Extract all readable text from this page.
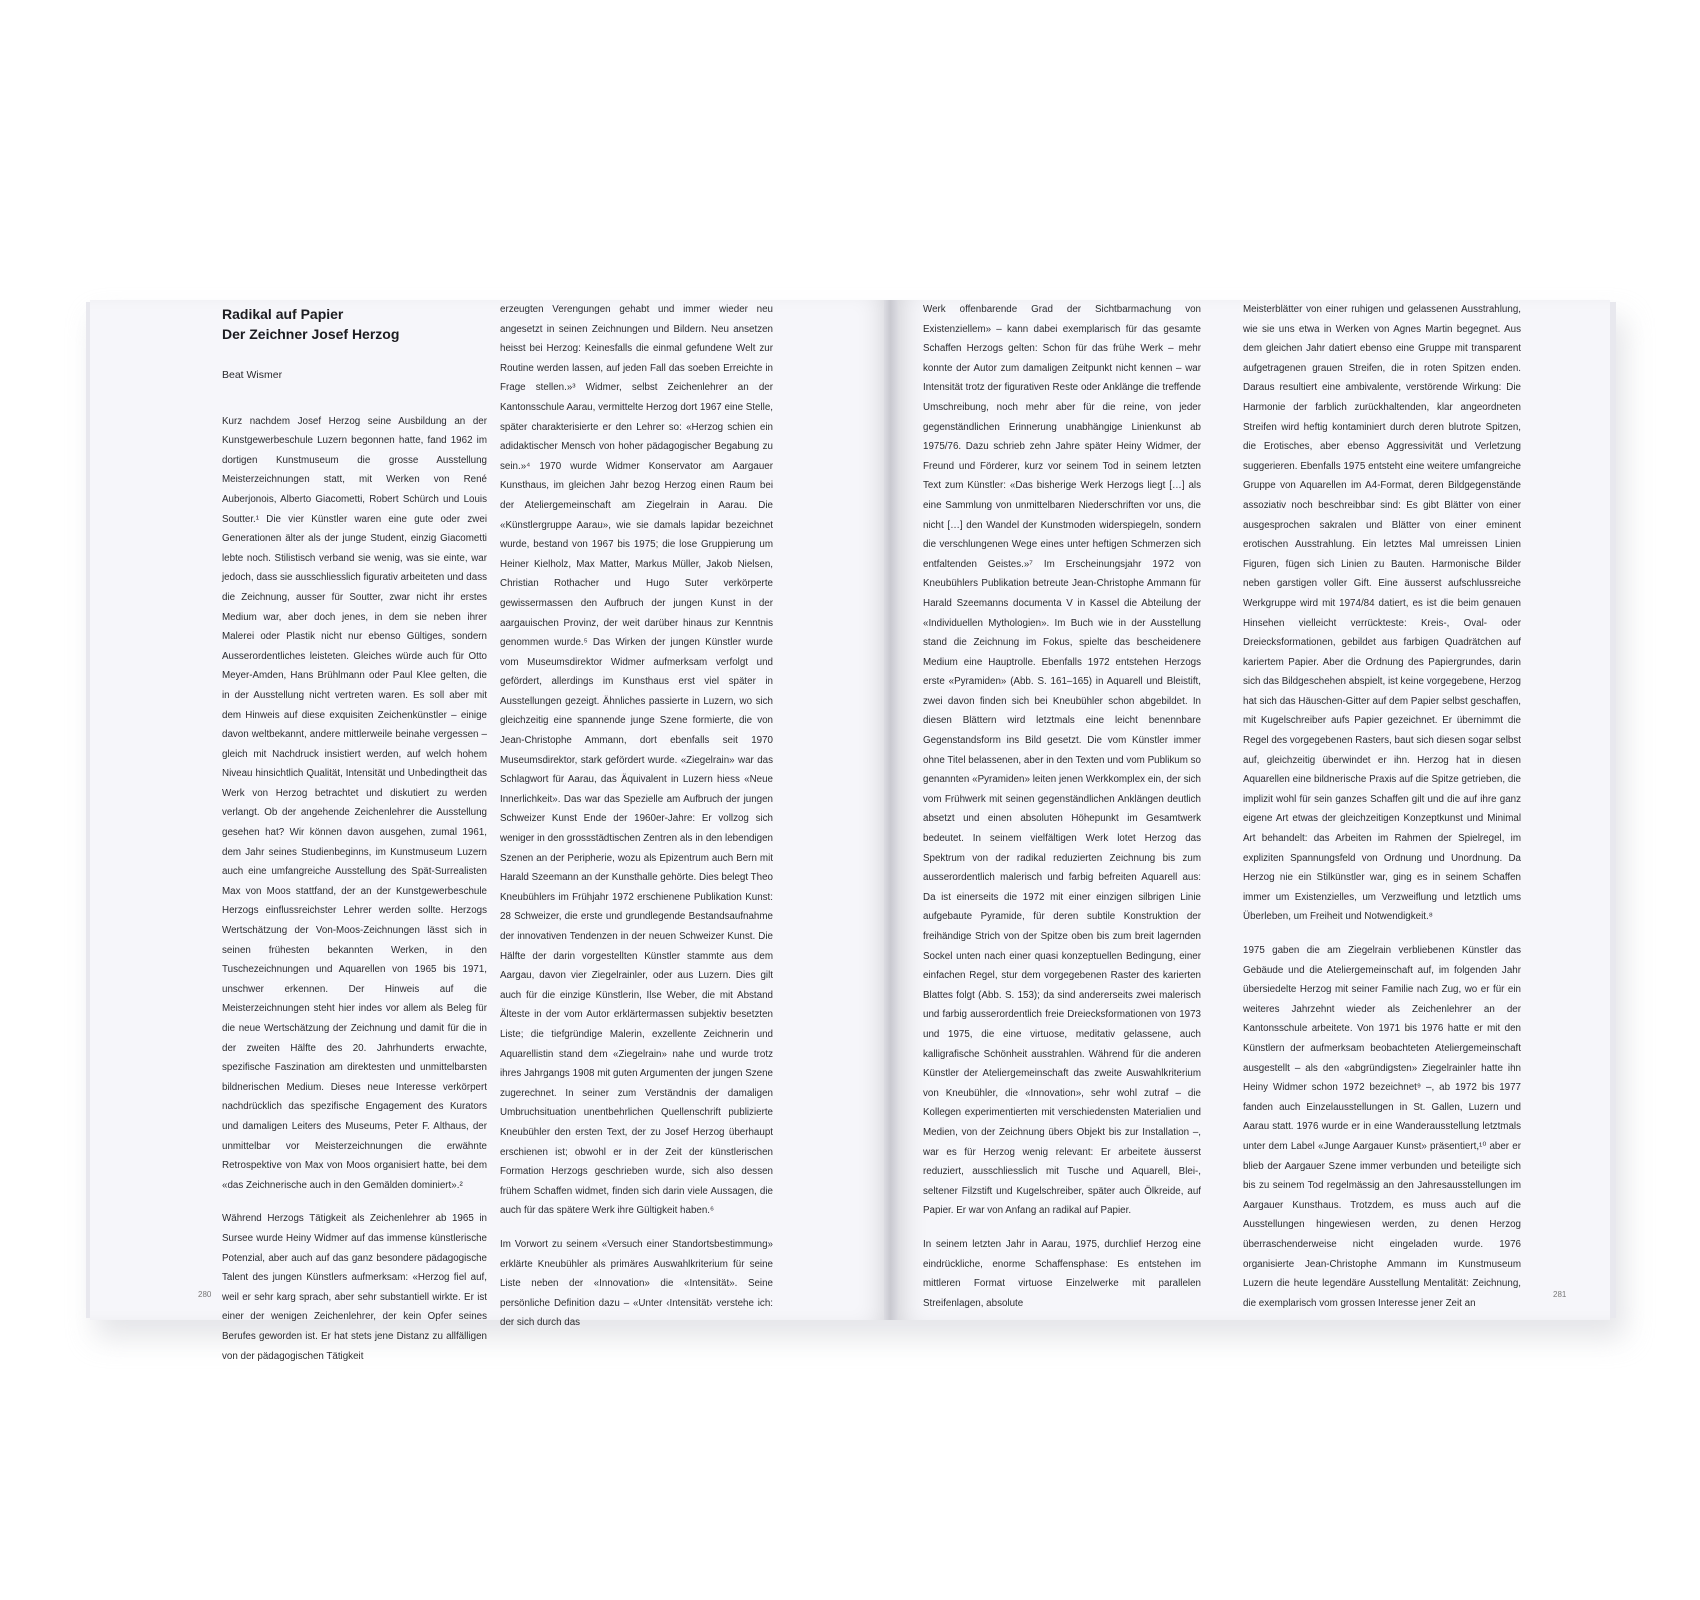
Radikal auf Papier
Der Zeichner Josef Herzog
Beat Wismer

Kurz nachdem Josef Herzog seine Ausbildung an der Kunstgewerbeschule Luzern begonnen hatte, fand 1962 im dortigen Kunstmuseum die grosse Ausstellung Meisterzeichnungen statt, mit Werken von René Auberjonois, Alberto Giacometti, Robert Schürch und Louis Soutter.¹ Die vier Künstler waren eine gute oder zwei Generationen älter als der junge Student, einzig Giacometti lebte noch. Stilistisch verband sie wenig, was sie einte, war jedoch, dass sie ausschliesslich figurativ arbeiteten und dass die Zeichnung, ausser für Soutter, zwar nicht ihr erstes Medium war, aber doch jenes, in dem sie neben ihrer Malerei oder Plastik nicht nur ebenso Gültiges, sondern Ausserordentliches leisteten. Gleiches würde auch für Otto Meyer-Amden, Hans Brühlmann oder Paul Klee gelten, die in der Ausstellung nicht vertreten waren. Es soll aber mit dem Hinweis auf diese exquisiten Zeichenkünstler – einige davon weltbekannt, andere mittlerweile beinahe vergessen – gleich mit Nachdruck insistiert werden, auf welch hohem Niveau hinsichtlich Qualität, Intensität und Unbedingtheit das Werk von Herzog betrachtet und diskutiert zu werden verlangt. Ob der angehende Zeichenlehrer die Ausstellung gesehen hat? Wir können davon ausgehen, zumal 1961, dem Jahr seines Studienbeginns, im Kunstmuseum Luzern auch eine umfangreiche Ausstellung des Spät-Surrealisten Max von Moos stattfand, der an der Kunstgewerbeschule Herzogs einflussreichster Lehrer werden sollte. Herzogs Wertschätzung der Von-Moos-Zeichnungen lässt sich in seinen frühesten bekannten Werken, in den Tuschezeichnungen und Aquarellen von 1965 bis 1971, unschwer erkennen. Der Hinweis auf die Meisterzeichnungen steht hier indes vor allem als Beleg für die neue Wertschätzung der Zeichnung und damit für die in der zweiten Hälfte des 20. Jahrhunderts erwachte, spezifische Faszination am direktesten und unmittelbarsten bildnerischen Medium. Dieses neue Interesse verkörpert nachdrücklich das spezifische Engagement des Kurators und damaligen Leiters des Museums, Peter F. Althaus, der unmittelbar vor Meisterzeichnungen die erwähnte Retrospektive von Max von Moos organisiert hatte, bei dem «das Zeichnerische auch in den Gemälden dominiert».²

Während Herzogs Tätigkeit als Zeichenlehrer ab 1965 in Sursee wurde Heiny Widmer auf das immense künstlerische Potenzial, aber auch auf das ganz besondere pädagogische Talent des jungen Künstlers aufmerksam: «Herzog fiel auf, weil er sehr karg sprach, aber sehr substantiell wirkte. Er ist einer der wenigen Zeichenlehrer, der kein Opfer seines Berufes geworden ist. Er hat stets jene Distanz zu allfälligen von der pädagogischen Tätigkeit

erzeugten Verengungen gehabt und immer wieder neu angesetzt in seinen Zeichnungen und Bildern. Neu ansetzen heisst bei Herzog: Keinesfalls die einmal gefundene Welt zur Routine werden lassen, auf jeden Fall das soeben Erreichte in Frage stellen.»³ Widmer, selbst Zeichenlehrer an der Kantonsschule Aarau, vermittelte Herzog dort 1967 eine Stelle, später charakterisierte er den Lehrer so: «Herzog schien ein adidaktischer Mensch von hoher pädagogischer Begabung zu sein.»⁴ 1970 wurde Widmer Konservator am Aargauer Kunsthaus, im gleichen Jahr bezog Herzog einen Raum bei der Ateliergemeinschaft am Ziegelrain in Aarau. Die «Künstlergruppe Aarau», wie sie damals lapidar bezeichnet wurde, bestand von 1967 bis 1975; die lose Gruppierung um Heiner Kielholz, Max Matter, Markus Müller, Jakob Nielsen, Christian Rothacher und Hugo Suter verkörperte gewissermassen den Aufbruch der jungen Kunst in der aargauischen Provinz, der weit darüber hinaus zur Kenntnis genommen wurde.⁵ Das Wirken der jungen Künstler wurde vom Museumsdirektor Widmer aufmerksam verfolgt und gefördert, allerdings im Kunsthaus erst viel später in Ausstellungen gezeigt. Ähnliches passierte in Luzern, wo sich gleichzeitig eine spannende junge Szene formierte, die von Jean-Christophe Ammann, dort ebenfalls seit 1970 Museumsdirektor, stark gefördert wurde. «Ziegelrain» war das Schlagwort für Aarau, das Äquivalent in Luzern hiess «Neue Innerlichkeit». Das war das Spezielle am Aufbruch der jungen Schweizer Kunst Ende der 1960er-Jahre: Er vollzog sich weniger in den grossstädtischen Zentren als in den lebendigen Szenen an der Peripherie, wozu als Epizentrum auch Bern mit Harald Szeemann an der Kunsthalle gehörte. Dies belegt Theo Kneubühlers im Frühjahr 1972 erschienene Publikation Kunst: 28 Schweizer, die erste und grundlegende Bestandsaufnahme der innovativen Tendenzen in der neuen Schweizer Kunst. Die Hälfte der darin vorgestellten Künstler stammte aus dem Aargau, davon vier Ziegelrainler, oder aus Luzern. Dies gilt auch für die einzige Künstlerin, Ilse Weber, die mit Abstand Älteste in der vom Autor erklärtermassen subjektiv besetzten Liste; die tiefgründige Malerin, exzellente Zeichnerin und Aquarellistin stand dem «Ziegelrain» nahe und wurde trotz ihres Jahrgangs 1908 mit guten Argumenten der jungen Szene zugerechnet. In seiner zum Verständnis der damaligen Umbruchsituation unentbehrlichen Quellenschrift publizierte Kneubühler den ersten Text, der zu Josef Herzog überhaupt erschienen ist; obwohl er in der Zeit der künstlerischen Formation Herzogs geschrieben wurde, sich also dessen frühem Schaffen widmet, finden sich darin viele Aussagen, die auch für das spätere Werk ihre Gültigkeit haben.⁶

Im Vorwort zu seinem «Versuch einer Standortsbestimmung» erklärte Kneubühler als primäres Auswahlkriterium für seine Liste neben der «Innovation» die «Intensität». Seine persönliche Definition dazu – «Unter ‹Intensität› verstehe ich: der sich durch das

280

Werk offenbarende Grad der Sichtbarmachung von Existenziellem» – kann dabei exemplarisch für das gesamte Schaffen Herzogs gelten: Schon für das frühe Werk – mehr konnte der Autor zum damaligen Zeitpunkt nicht kennen – war Intensität trotz der figurativen Reste oder Anklänge die treffende Umschreibung, noch mehr aber für die reine, von jeder gegenständlichen Erinnerung unabhängige Linienkunst ab 1975/76. Dazu schrieb zehn Jahre später Heiny Widmer, der Freund und Förderer, kurz vor seinem Tod in seinem letzten Text zum Künstler: «Das bisherige Werk Herzogs liegt […] als eine Sammlung von unmittelbaren Niederschriften vor uns, die nicht […] den Wandel der Kunstmoden widerspiegeln, sondern die verschlungenen Wege eines unter heftigen Schmerzen sich entfaltenden Geistes.»⁷ Im Erscheinungsjahr 1972 von Kneubühlers Publikation betreute Jean-Christophe Ammann für Harald Szeemanns documenta V in Kassel die Abteilung der «Individuellen Mythologien». Im Buch wie in der Ausstellung stand die Zeichnung im Fokus, spielte das bescheidenere Medium eine Hauptrolle. Ebenfalls 1972 entstehen Herzogs erste «Pyramiden» (Abb. S. 161–165) in Aquarell und Bleistift, zwei davon finden sich bei Kneubühler schon abgebildet. In diesen Blättern wird letztmals eine leicht benennbare Gegenstandsform ins Bild gesetzt. Die vom Künstler immer ohne Titel belassenen, aber in den Texten und vom Publikum so genannten «Pyramiden» leiten jenen Werkkomplex ein, der sich vom Frühwerk mit seinen gegenständlichen Anklängen deutlich absetzt und einen absoluten Höhepunkt im Gesamtwerk bedeutet. In seinem vielfältigen Werk lotet Herzog das Spektrum von der radikal reduzierten Zeichnung bis zum ausserordentlich malerisch und farbig befreiten Aquarell aus: Da ist einerseits die 1972 mit einer einzigen silbrigen Linie aufgebaute Pyramide, für deren subtile Konstruktion der freihändige Strich von der Spitze oben bis zum breit lagernden Sockel unten nach einer quasi konzeptuellen Bedingung, einer einfachen Regel, stur dem vorgegebenen Raster des karierten Blattes folgt (Abb. S. 153); da sind andererseits zwei malerisch und farbig ausserordentlich freie Dreiecksformationen von 1973 und 1975, die eine virtuose, meditativ gelassene, auch kalligrafische Schönheit ausstrahlen. Während für die anderen Künstler der Ateliergemeinschaft das zweite Auswahlkriterium von Kneubühler, die «Innovation», sehr wohl zutraf – die Kollegen experimentierten mit verschiedensten Materialien und Medien, von der Zeichnung übers Objekt bis zur Installation –, war es für Herzog wenig relevant: Er arbeitete äusserst reduziert, ausschliesslich mit Tusche und Aquarell, Blei-, seltener Filzstift und Kugelschreiber, später auch Ölkreide, auf Papier. Er war von Anfang an radikal auf Papier.

In seinem letzten Jahr in Aarau, 1975, durchlief Herzog eine eindrückliche, enorme Schaffensphase: Es entstehen im mittleren Format virtuose Einzelwerke mit parallelen Streifenlagen, absolute

Meisterblätter von einer ruhigen und gelassenen Ausstrahlung, wie sie uns etwa in Werken von Agnes Martin begegnet. Aus dem gleichen Jahr datiert ebenso eine Gruppe mit transparent aufgetragenen grauen Streifen, die in roten Spitzen enden. Daraus resultiert eine ambivalente, verstörende Wirkung: Die Harmonie der farblich zurückhaltenden, klar angeordneten Streifen wird heftig kontaminiert durch deren blutrote Spitzen, die Erotisches, aber ebenso Aggressivität und Verletzung suggerieren. Ebenfalls 1975 entsteht eine weitere umfangreiche Gruppe von Aquarellen im A4-Format, deren Bildgegenstände assoziativ noch beschreibbar sind: Es gibt Blätter von einer ausgesprochen sakralen und Blätter von einer eminent erotischen Ausstrahlung. Ein letztes Mal umreissen Linien Figuren, fügen sich Linien zu Bauten. Harmonische Bilder neben garstigen voller Gift. Eine äusserst aufschlussreiche Werkgruppe wird mit 1974/84 datiert, es ist die beim genauen Hinsehen vielleicht verrückteste: Kreis-, Oval- oder Dreiecksformationen, gebildet aus farbigen Quadrätchen auf kariertem Papier. Aber die Ordnung des Papiergrundes, darin sich das Bildgeschehen abspielt, ist keine vorgegebene, Herzog hat sich das Häuschen-Gitter auf dem Papier selbst geschaffen, mit Kugelschreiber aufs Papier gezeichnet. Er übernimmt die Regel des vorgegebenen Rasters, baut sich diesen sogar selbst auf, gleichzeitig überwindet er ihn. Herzog hat in diesen Aquarellen eine bildnerische Praxis auf die Spitze getrieben, die implizit wohl für sein ganzes Schaffen gilt und die auf ihre ganz eigene Art etwas der gleichzeitigen Konzeptkunst und Minimal Art behandelt: das Arbeiten im Rahmen der Spielregel, im expliziten Spannungsfeld von Ordnung und Unordnung. Da Herzog nie ein Stilkünstler war, ging es in seinem Schaffen immer um Existenzielles, um Verzweiflung und letztlich ums Überleben, um Freiheit und Notwendigkeit.⁸

1975 gaben die am Ziegelrain verbliebenen Künstler das Gebäude und die Ateliergemeinschaft auf, im folgenden Jahr übersiedelte Herzog mit seiner Familie nach Zug, wo er für ein weiteres Jahrzehnt wieder als Zeichenlehrer an der Kantonsschule arbeitete. Von 1971 bis 1976 hatte er mit den Künstlern der aufmerksam beobachteten Ateliergemeinschaft ausgestellt – als den «abgründigsten» Ziegelrainler hatte ihn Heiny Widmer schon 1972 bezeichnet⁹ –, ab 1972 bis 1977 fanden auch Einzelausstellungen in St. Gallen, Luzern und Aarau statt. 1976 wurde er in eine Wanderausstellung letztmals unter dem Label «Junge Aargauer Kunst» präsentiert,¹⁰ aber er blieb der Aargauer Szene immer verbunden und beteiligte sich bis zu seinem Tod regelmässig an den Jahresausstellungen im Aargauer Kunsthaus. Trotzdem, es muss auch auf die Ausstellungen hingewiesen werden, zu denen Herzog überraschenderweise nicht eingeladen wurde. 1976 organisierte Jean-Christophe Ammann im Kunstmuseum Luzern die heute legendäre Ausstellung Mentalität: Zeichnung, die exemplarisch vom grossen Interesse jener Zeit an

281
